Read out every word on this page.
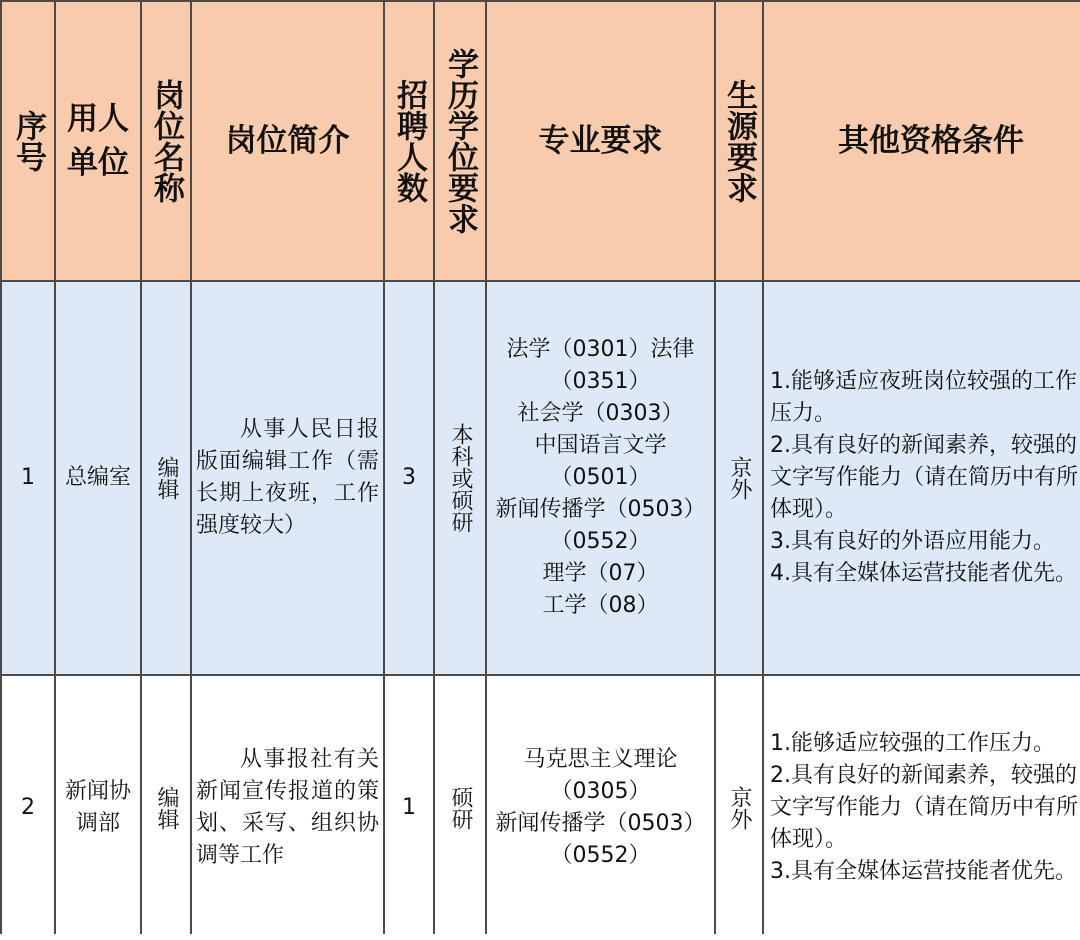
序号 用人
单位 岗位名称 岗位简介 招聘人数 学历学位要求 专业要求 生源要求	其他资格条件
1 总编室 编辑

从事人民日报版面编辑工作（需长期上夜班，工作强度较大）

3 本科或硕研
法学（0301）法律（0351）
社会学（0303）
中国语言文学（0501）
新闻传播学（0503）（0552）
理学（07）
工学（08）
京外
1.能够适应夜班岗位较强的工作压力。
2.具有良好的新闻素养，较强的文字写作能力（请在简历中有所体现）。
3.具有良好的外语应用能力。
4.具有全媒体运营技能者优先。
2
新闻协调部	编辑

从事报社有关新闻宣传报道的策划、采写、组织协调等工作

1 硕研
马克思主义理论（0305）
新闻传播学（0503）（0552）
京外
1.能够适应较强的工作压力。
2.具有良好的新闻素养，较强的文字写作能力（请在简历中有所体现）。
3.具有全媒体运营技能者优先。
